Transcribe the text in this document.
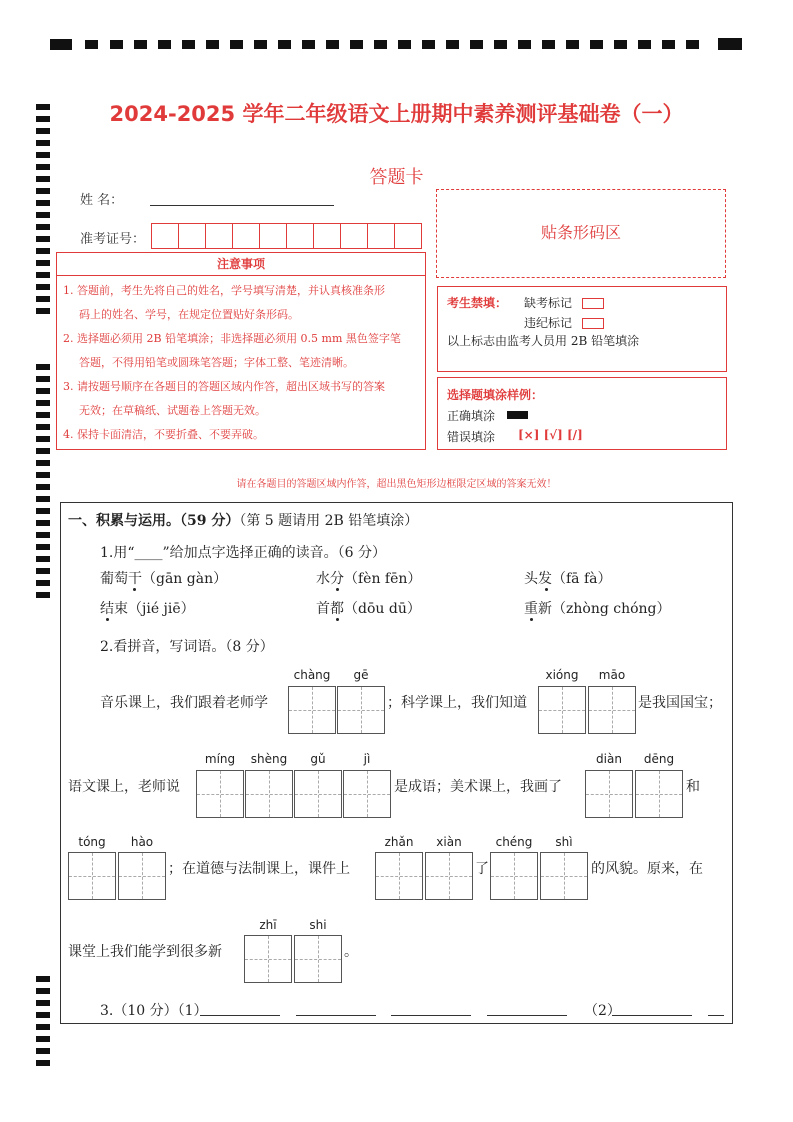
2024-2025 学年二年级语文上册期中素养测评基础卷（一）
答题卡
姓 名：
准考证号：	贴条形码区
注意事项
1. 答题前，考生先将自己的姓名，学号填写清楚，并认真核准条形
码上的姓名、学号，在规定位置贴好条形码。
2. 选择题必须用 2B 铅笔填涂；非选择题必须用 0.5 mm 黑色签字笔
答题，不得用铅笔或圆珠笔答题；字体工整、笔迹清晰。
3. 请按题号顺序在各题目的答题区域内作答，超出区域书写的答案
无效；在草稿纸、试题卷上答题无效。
4. 保持卡面清洁，不要折叠、不要弄破。
考生禁填： 缺考标记
违纪标记
以上标志由监考人员用 2B 铅笔填涂
选择题填涂样例：
正确填涂
错误填涂 [×] [√] [/]
请在各题目的答题区域内作答，超出黑色矩形边框限定区域的答案无效！
一、积累与运用。（59 分）（第 5 题请用 2B 铅笔填涂）
1.用“____”给加点字选择正确的读音。（6 分）
葡萄干（gān gàn）	水分（fèn fēn）	头发（fā fà）
结束（jié jiē）	首都（dōu dū）	重新（zhòng chóng）
2.看拼音，写词语。（8 分）
chàng	gē	xióng	māo
音乐课上，我们跟着老师学	；科学课上，我们知道	是我国国宝；
míng	shèng	gǔ	jì	diàn	dēng
语文课上，老师说	是成语；美术课上，我画了	和
tóng	hào	zhǎn	xiàn	chéng	shì
；在道德与法制课上，课件上	了	的风貌。原来，在
zhī	shi
课堂上我们能学到很多新	。
3.（10 分）（1）	（2）
